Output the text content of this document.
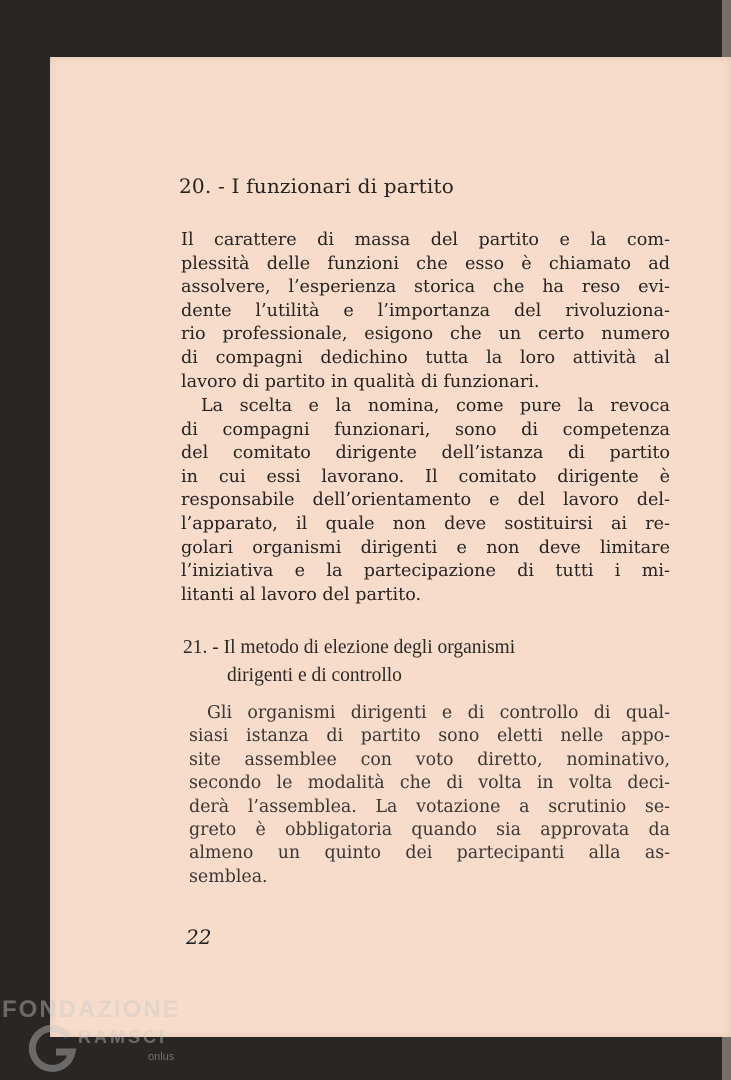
20. - I funzionari di partito
Il carattere di massa del partito e la com-
plessità delle funzioni che esso è chiamato ad
assolvere, l’esperienza storica che ha reso evi-
dente l’utilità e l’importanza del rivoluziona-
rio professionale, esigono che un certo numero
di compagni dedichino tutta la loro attività al
lavoro di partito in qualità di funzionari.
La scelta e la nomina, come pure la revoca
di compagni funzionari, sono di competenza
del comitato dirigente dell’istanza di partito
in cui essi lavorano. Il comitato dirigente è
responsabile dell’orientamento e del lavoro del-
l’apparato, il quale non deve sostituirsi ai re-
golari organismi dirigenti e non deve limitare
l’iniziativa e la partecipazione di tutti i mi-
litanti al lavoro del partito.
21. - Il metodo di elezione degli organismi
dirigenti e di controllo
Gli organismi dirigenti e di controllo di qual-
siasi istanza di partito sono eletti nelle appo-
site assemblee con voto diretto, nominativo,
secondo le modalità che di volta in volta deci-
derà l’assemblea. La votazione a scrutinio se-
greto è obbligatoria quando sia approvata da
almeno un quinto dei partecipanti alla as-
semblea.
22
FONDAZIONE
RAMSCI
onlus
